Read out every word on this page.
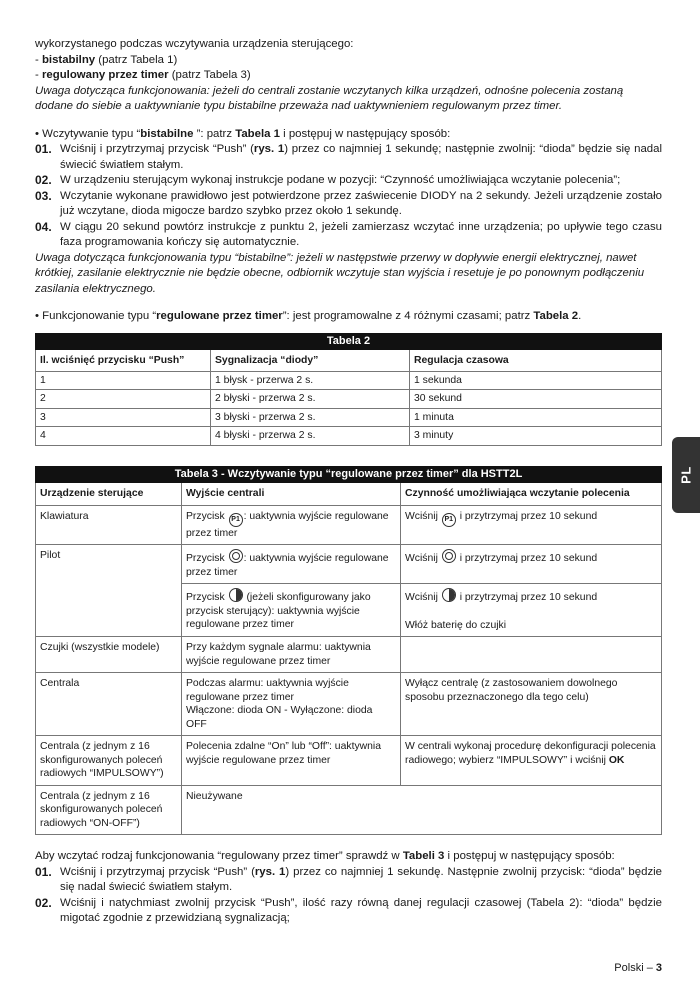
wykorzystanego podczas wczytywania urządzenia sterującego:

- bistabilny (patrz Tabela 1)

- regulowany przez timer (patrz Tabela 3)

Uwaga dotycząca funkcjonowania: jeżeli do centrali zostanie wczytanych kilka urządzeń, odnośne polecenia zostaną dodane do siebie a uaktywnianie typu bistabilne przeważa nad uaktywnieniem regulowanym przez timer.

• Wczytywanie typu “bistabilne ”: patrz Tabela 1 i postępuj w następujący sposób:

01. Wciśnij i przytrzymaj przycisk “Push” (rys. 1) przez co najmniej 1 sekundę; następnie zwolnij: “dioda” będzie się nadal świecić światłem stałym.
02. W urządzeniu sterującym wykonaj instrukcje podane w pozycji: “Czynność umożliwiająca wczytanie polecenia”;
03. Wczytanie wykonane prawidłowo jest potwierdzone przez zaświecenie DIODY na 2 sekundy. Jeżeli urządzenie zostało już wczytane, dioda migocze bardzo szybko przez około 1 sekundę.
04. W ciągu 20 sekund powtórz instrukcje z punktu 2, jeżeli zamierzasz wczytać inne urządzenia; po upływie tego czasu faza programowania kończy się automatycznie.

Uwaga dotycząca funkcjonowania typu “bistabilne”: jeżeli w następstwie przerwy w dopływie energii elektrycznej, nawet krótkiej, zasilanie elektrycznie nie będzie obecne, odbiornik wczytuje stan wyjścia i resetuje je po ponownym podłączeniu zasilania elektrycznego.

• Funkcjonowanie typu “regulowane przez timer”: jest programowalne z 4 różnymi czasami; patrz Tabela 2.

Tabela 2		
Il. wciśnięć przycisku “Push”	Sygnalizacja “diody”	Regulacja czasowa
1	1 błysk - przerwa 2 s.	1 sekunda
2	2 błyski - przerwa 2 s.	30 sekund
3	3 błyski - przerwa 2 s.	1 minuta
4	4 błyski - przerwa 2 s.	3 minuty
Tabela 3 - Wczytywanie typu “regulowane przez timer” dla HSTT2L		
Urządzenie sterujące	Wyjście centrali	Czynność umożliwiająca wczytanie polecenia
Klawiatura	Przycisk P1 : uaktywnia wyjście regulowane przez timer	Wciśnij P1 i przytrzymaj przez 10 sekund
Pilot	Przycisk : uaktywnia wyjście regulowane przez timer	Wciśnij i przytrzymaj przez 10 sekund
	Przycisk (jeżeli skonfigurowany jako przycisk sterujący): uaktywnia wyjście regulowane przez timer	Wciśnij i przytrzymaj przez 10 sekund
Włóż baterię do czujki
Czujki (wszystkie modele)	Przy każdym sygnale alarmu: uaktywnia wyjście regulowane przez timer	
Centrala	Podczas alarmu: uaktywnia wyjście regulowane przez timer
Włączone: dioda ON - Wyłączone: dioda OFF	Wyłącz centralę (z zastosowaniem dowolnego sposobu przeznaczonego dla tego celu)
Centrala (z jednym z 16 skonfigurowanych poleceń radiowych “IMPULSOWY”)	Polecenia zdalne “On” lub “Off”: uaktywnia wyjście regulowane przez timer	W centrali wykonaj procedurę dekonfiguracji polecenia radiowego; wybierz “IMPULSOWY” i wciśnij OK
Centrala (z jednym z 16 skonfigurowanych poleceń radiowych “ON-OFF”)	Nieużywane	

Aby wczytać rodzaj funkcjonowania “regulowany przez timer” sprawdź w Tabeli 3 i postępuj w następujący sposób:

01. Wciśnij i przytrzymaj przycisk “Push” (rys. 1) przez co najmniej 1 sekundę. Następnie zwolnij przycisk: “dioda” będzie się nadal świecić światłem stałym.
02. Wciśnij i natychmiast zwolnij przycisk “Push”, ilość razy równą danej regulacji czasowej (Tabela 2): “dioda” będzie migotać zgodnie z przewidzianą sygnalizacją;
PL
Polski – 3
